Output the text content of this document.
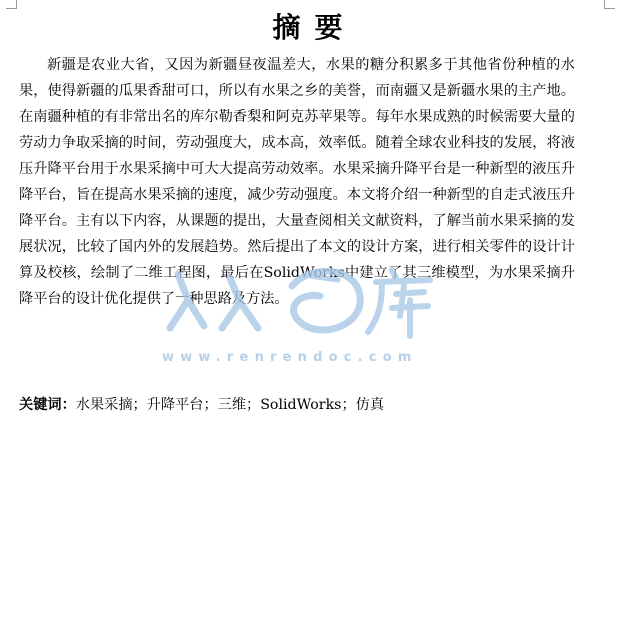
摘要

新疆是农业大省，又因为新疆昼夜温差大，水果的糖分积累多于其他省份种植的水果，使得新疆的瓜果香甜可口，所以有水果之乡的美誉，而南疆又是新疆水果的主产地。在南疆种植的有非常出名的库尔勒香梨和阿克苏苹果等。每年水果成熟的时候需要大量的劳动力争取采摘的时间，劳动强度大，成本高，效率低。随着全球农业科技的发展，将液压升降平台用于水果采摘中可大大提高劳动效率。水果采摘升降平台是一种新型的液压升降平台，旨在提高水果采摘的速度，减少劳动强度。本文将介绍一种新型的自走式液压升降平台。主有以下内容，从课题的提出，大量查阅相关文献资料，了解当前水果采摘的发展状况，比较了国内外的发展趋势。然后提出了本文的设计方案，进行相关零件的设计计算及校核，绘制了二维工程图，最后在SolidWorks中建立了其三维模型，为水果采摘升降平台的设计优化提供了一种思路及方法。

关键词：水果采摘；升降平台；三维；SolidWorks；仿真
www.renrendoc.com
